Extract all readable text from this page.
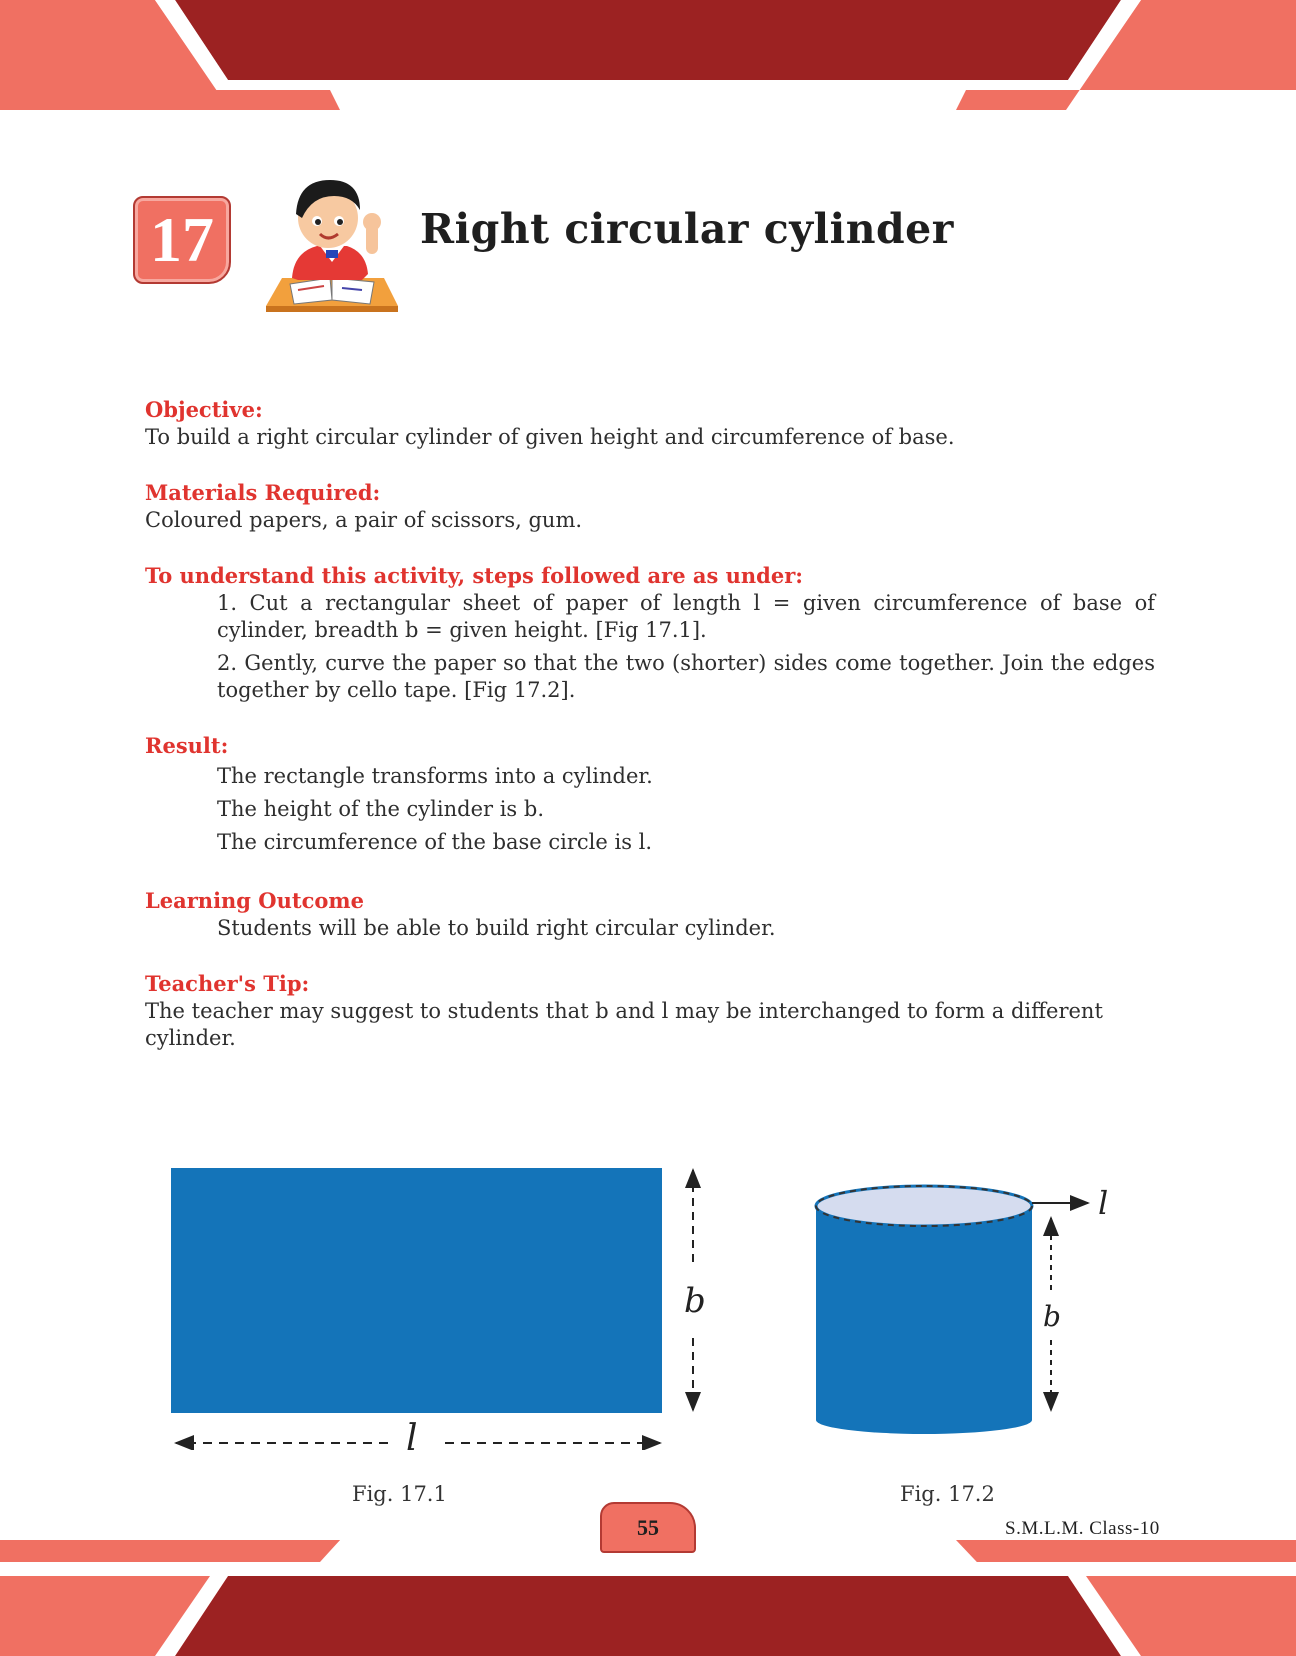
17	Right circular cylinder

Objective:

To build a right circular cylinder of given height and circumference of base.

Materials Required:

Coloured papers, a pair of scissors, gum.

To understand this activity, steps followed are as under:

1. Cut a rectangular sheet of paper of length l = given circumference of base of cylinder, breadth b = given height. [Fig 17.1].

2. Gently, curve the paper so that the two (shorter) sides come together. Join the edges together by cello tape. [Fig 17.2].

Result:

The rectangle transforms into a cylinder.

The height of the cylinder is b.

The circumference of the base circle is l.

Learning Outcome

Students will be able to build right circular cylinder.

Teacher's Tip:

The teacher may suggest to students that b and l may be interchanged to form a different cylinder.

b
l
l
b
Fig. 17.1	Fig. 17.2
55	S.M.L.M. Class-10
